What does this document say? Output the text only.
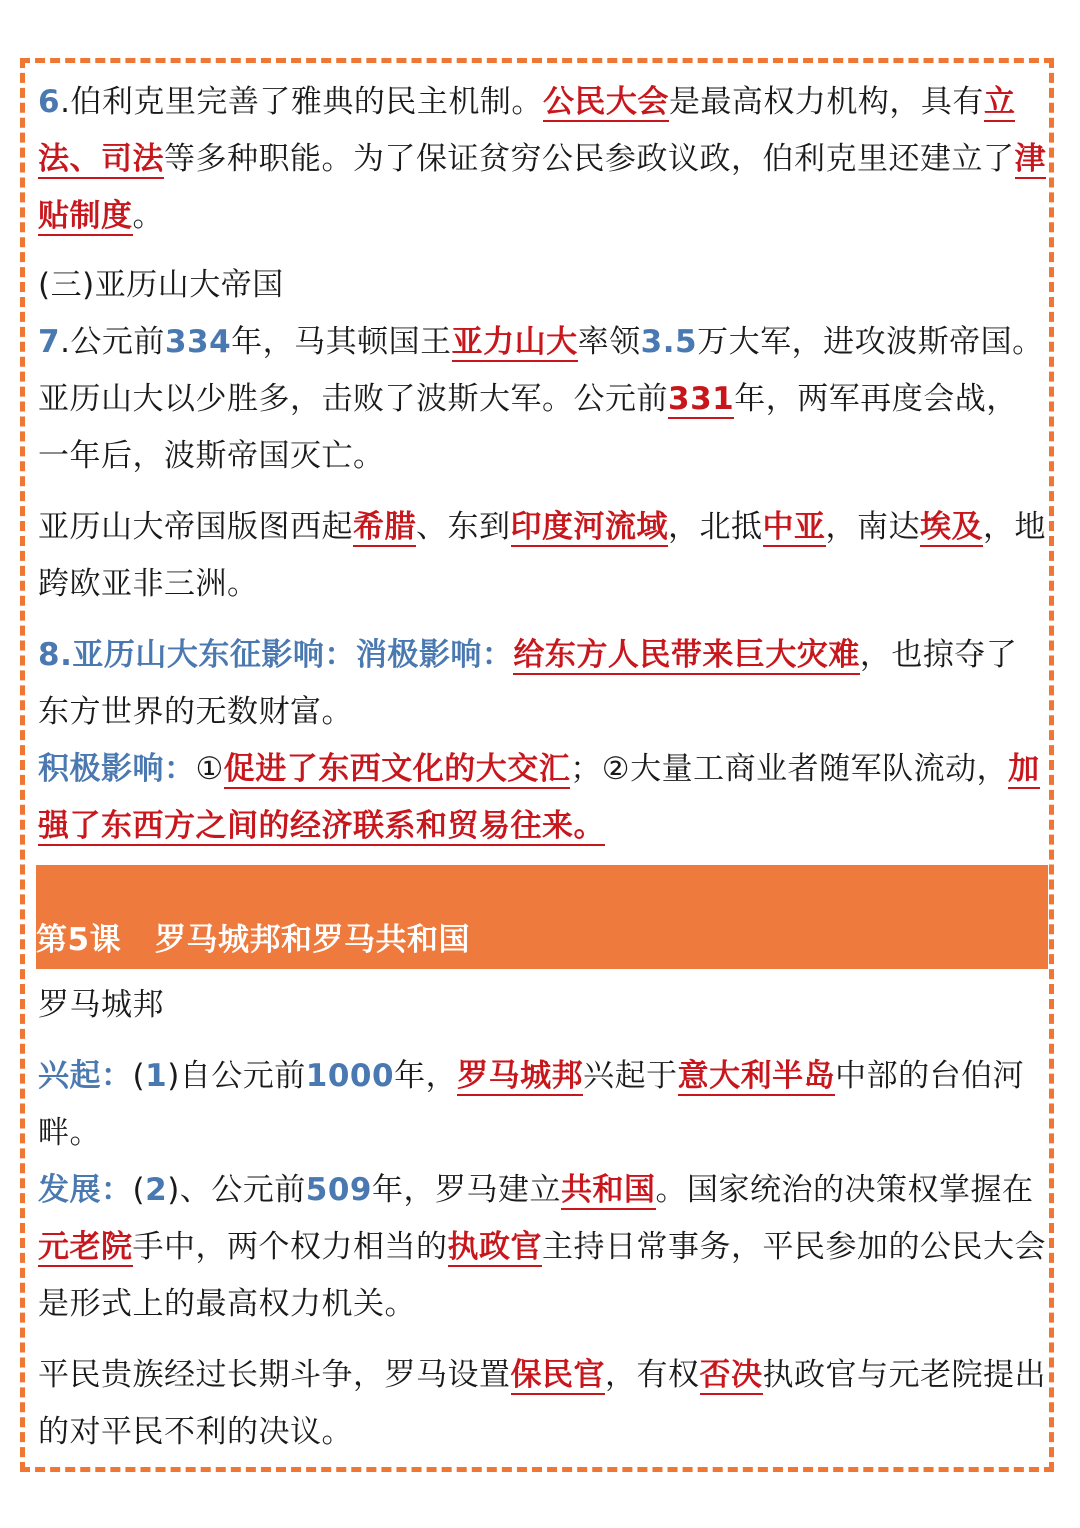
6.伯利克里完善了雅典的民主机制。公民大会是最高权力机构，具有立法、司法等多种职能。为了保证贫穷公民参政议政，伯利克里还建立了津贴制度。

(三)亚历山大帝国

7.公元前334年，马其顿国王亚力山大率领3.5万大军，进攻波斯帝国。亚历山大以少胜多，击败了波斯大军。公元前331年，两军再度会战，一年后，波斯帝国灭亡。

亚历山大帝国版图西起希腊、东到印度河流域，北抵中亚，南达埃及，地跨欧亚非三洲。

8.亚历山大东征影响：消极影响：给东方人民带来巨大灾难，也掠夺了东方世界的无数财富。

积极影响：①促进了东西文化的大交汇；②大量工商业者随军队流动，加强了东西方之间的经济联系和贸易往来。

第5课   罗马城邦和罗马共和国

罗马城邦

兴起：(1)自公元前1000年，罗马城邦兴起于意大利半岛中部的台伯河畔。

发展：(2)、公元前509年，罗马建立共和国。国家统治的决策权掌握在元老院手中，两个权力相当的执政官主持日常事务，平民参加的公民大会是形式上的最高权力机关。

平民贵族经过长期斗争，罗马设置保民官，有权否决执政官与元老院提出的对平民不利的决议。
